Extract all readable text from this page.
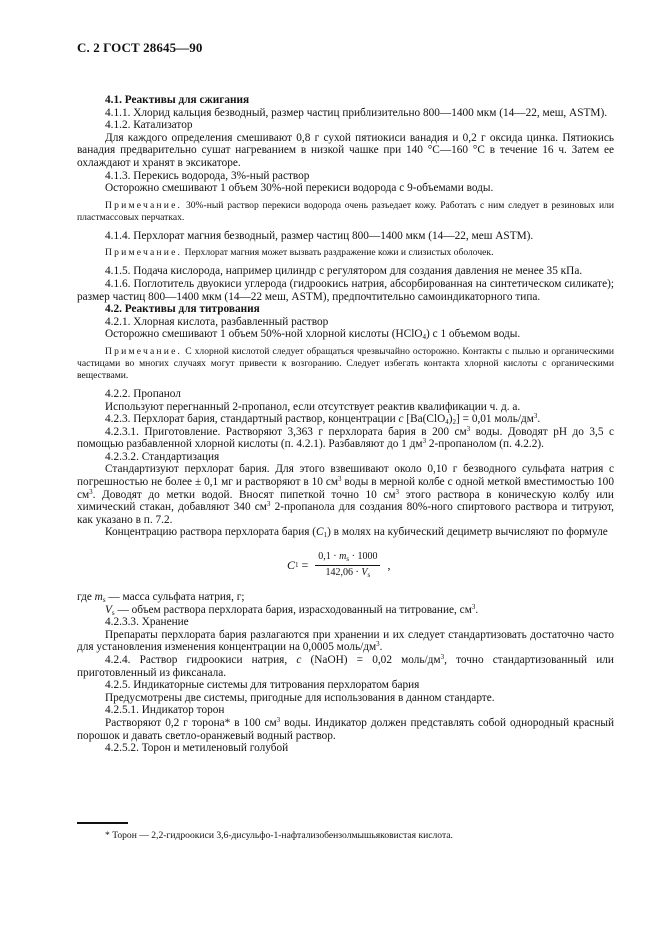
С. 2 ГОСТ 28645—90

4.1. Реактивы для сжигания

4.1.1. Хлорид кальция безводный, размер частиц приблизительно 800—1400 мкм (14—22, меш, ASTM).

4.1.2. Катализатор

Для каждого определения смешивают 0,8 г сухой пятиокиси ванадия и 0,2 г оксида цинка. Пятиокись ванадия предварительно сушат нагреванием в низкой чашке при 140 °С—160 °С в течение 16 ч. Затем ее охлаждают и хранят в эксикаторе.

4.1.3. Перекись водорода, 3%-ный раствор

Осторожно смешивают 1 объем 30%-ной перекиси водорода с 9-объемами воды.

Примечание. 30%-ный раствор перекиси водорода очень разъедает кожу. Работать с ним следует в резиновых или пластмассовых перчатках.

4.1.4. Перхлорат магния безводный, размер частиц 800—1400 мкм (14—22, меш ASTM).

Примечание. Перхлорат магния может вызвать раздражение кожи и слизистых оболочек.

4.1.5. Подача кислорода, например цилиндр с регулятором для создания давления не менее 35 кПа.

4.1.6. Поглотитель двуокиси углерода (гидроокись натрия, абсорбированная на синтетическом силикате); размер частиц 800—1400 мкм (14—22 меш, ASTM), предпочтительно самоиндикаторного типа.

4.2. Реактивы для титрования

4.2.1. Хлорная кислота, разбавленный раствор

Осторожно смешивают 1 объем 50%-ной хлорной кислоты (HClO$_4$) с 1 объемом воды.

Примечание. С хлорной кислотой следует обращаться чрезвычайно осторожно. Контакты с пылью и органическими частицами во многих случаях могут привести к возгоранию. Следует избегать контакта хлорной кислоты с органическими веществами.

4.2.2. Пропанол

Используют перегнанный 2-пропанол, если отсутствует реактив квалификации ч. д. а.

4.2.3. Перхлорат бария, стандартный раствор, концентрации c $[Ba(ClO_4)_2] = 0,01$ моль/$дм^3$.

4.2.3.1. Приготовление. Растворяют 3,363 г перхлората бария в 200 $см^3$ воды. Доводят рН до 3,5 с помощью разбавленной хлорной кислоты (п. 4.2.1). Разбавляют до 1 $дм^3$ 2-пропанолом (п. 4.2.2).

4.2.3.2. Стандартизация

Стандартизуют перхлорат бария. Для этого взвешивают около 0,10 г безводного сульфата натрия с погрешностью не более ± 0,1 мг и растворяют в 10 $см^3$ воды в мерной колбе с одной меткой вместимостью 100 $см^3$. Доводят до метки водой. Вносят пипеткой точно 10 $см^3$ этого раствора в коническую колбу или химический стакан, добавляют 340 $см^3$ 2-пропанола для создания 80%-ного спиртового раствора и титруют, как указано в п. 7.2.

Концентрацию раствора перхлората бария $(C_1)$ в молях на кубический дециметр вычисляют по формуле

C $1 = \frac{0,1 \cdot m_s \cdot 1000}{142,06 \cdot V_s}$ ,

где $m_s$ — масса сульфата натрия, г;

$V_s$ — объем раствора перхлората бария, израсходованный на титрование, $см^3$.

4.2.3.3. Хранение

Препараты перхлората бария разлагаются при хранении и их следует стандартизовать достаточно часто для установления изменения концентрации на 0,0005 моль/$дм^3$.

4.2.4. Раствор гидроокиси натрия, c (NaOH) = 0,02 моль/$дм^3$, точно стандартизованный или приготовленный из фиксанала.

4.2.5. Индикаторные системы для титрования перхлоратом бария

Предусмотрены две системы, пригодные для использования в данном стандарте.

4.2.5.1. Индикатор торон

Растворяют 0,2 г торона* в 100 $см^3$ воды. Индикатор должен представлять собой однородный красный порошок и давать светло-оранжевый водный раствор.

4.2.5.2. Торон и метиленовый голубой

* Торон — 2,2-гидроокиси 3,6-дисульфо-1-нафтализобензолмышьяковистая кислота.
